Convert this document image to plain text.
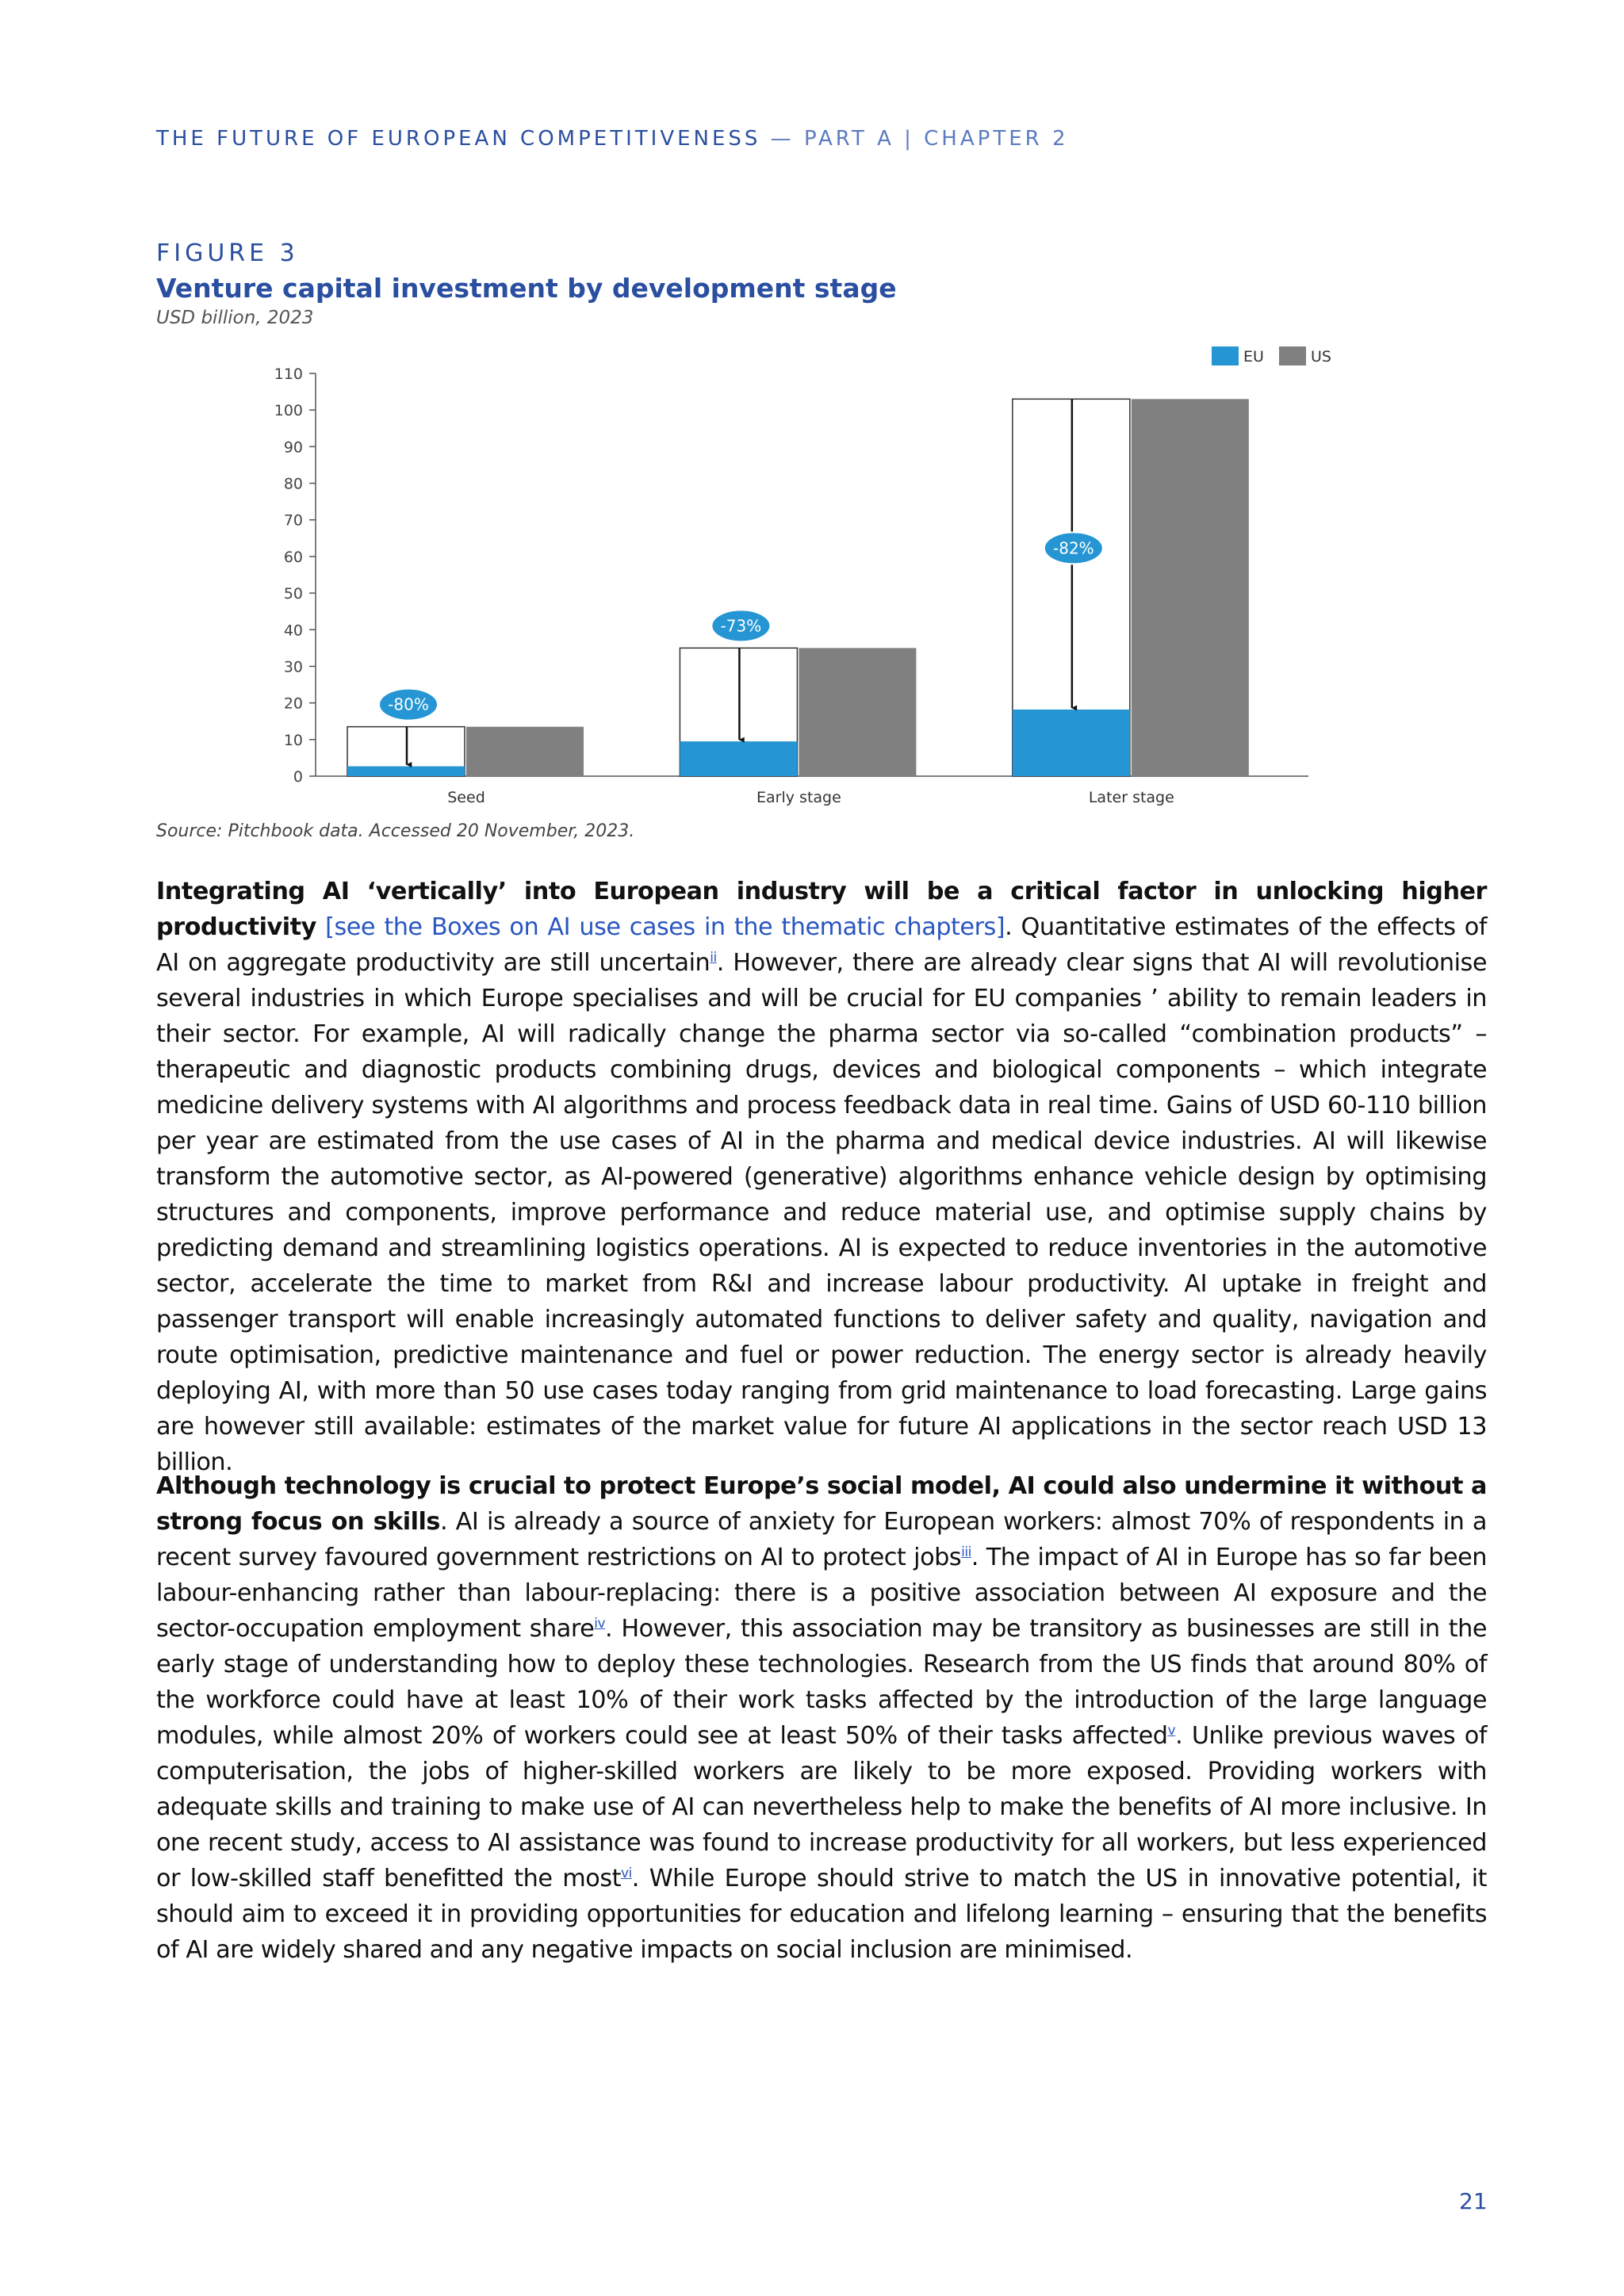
THE FUTURE OF EUROPEAN COMPETITIVENESS — PART A | CHAPTER 2
FIGURE 3
Venture capital investment by development stage
USD billion, 2023
0
10
20
30
40
50
60
70
80
90
100
110
-80%
Seed
-73%
Early stage
-82%
Later stage
EU	US
Source: Pitchbook data. Accessed 20 November, 2023.

Integrating AI ‘vertically’ into European industry will be a critical factor in unlocking higher productivity [see the Boxes on AI use cases in the thematic chapters]. Quantitative estimates of the effects of AI on aggregate productivity are still uncertain$^{ii}$. However, there are already clear signs that AI will revolutionise several industries in which Europe specialises and will be crucial for EU companies ’ ability to remain leaders in their sector. For example, AI will radically change the pharma sector via so-called “combination products” – therapeutic and diagnostic products combining drugs, devices and biological components – which integrate medicine delivery systems with AI algorithms and process feedback data in real time. Gains of USD 60-110 billion per year are estimated from the use cases of AI in the pharma and medical device industries. AI will likewise transform the automotive sector, as AI-powered (generative) algorithms enhance vehicle design by optimising structures and components, improve performance and reduce material use, and optimise supply chains by predicting demand and streamlining logistics operations. AI is expected to reduce inventories in the automotive sector, accelerate the time to market from R&I and increase labour productivity. AI uptake in freight and passenger transport will enable increasingly automated functions to deliver safety and quality, navigation and route optimisation, predictive maintenance and fuel or power reduction. The energy sector is already heavily deploying AI, with more than 50 use cases today ranging from grid maintenance to load forecasting. Large gains are however still available: estimates of the market value for future AI applications in the sector reach USD 13 billion.

Although technology is crucial to protect Europe’s social model, AI could also undermine it without a strong focus on skills. AI is already a source of anxiety for European workers: almost 70% of respondents in a recent survey favoured government restrictions on AI to protect jobs$^{iii}$. The impact of AI in Europe has so far been labour-enhancing rather than labour-replacing: there is a positive association between AI exposure and the sector-occupation employment share$^{iv}$. However, this association may be transitory as businesses are still in the early stage of understanding how to deploy these technologies. Research from the US finds that around 80% of the workforce could have at least 10% of their work tasks affected by the introduction of the large language modules, while almost 20% of workers could see at least 50% of their tasks affected$^v$. Unlike previous waves of computerisation, the jobs of higher-skilled workers are likely to be more exposed. Providing workers with adequate skills and training to make use of AI can nevertheless help to make the benefits of AI more inclusive. In one recent study, access to AI assistance was found to increase productivity for all workers, but less experienced or low-skilled staff benefitted the most$^{vi}$. While Europe should strive to match the US in innovative potential, it should aim to exceed it in providing opportunities for education and lifelong learning – ensuring that the benefits of AI are widely shared and any negative impacts on social inclusion are minimised.

21
